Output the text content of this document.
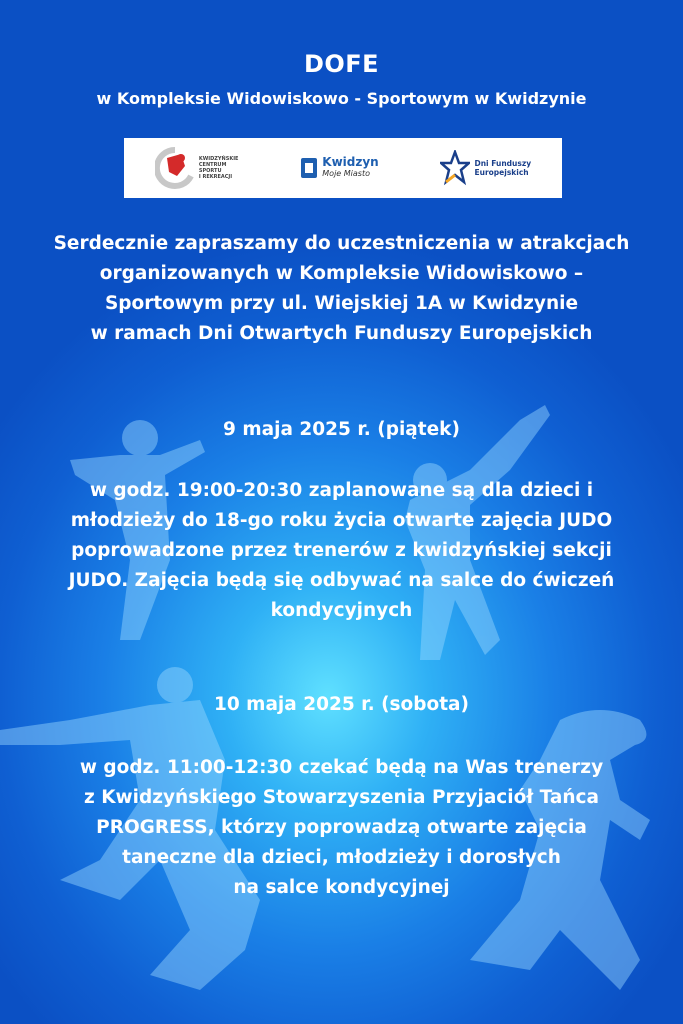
DOFE
w Kompleksie Widowiskowo - Sportowym w Kwidzynie
KWIDZYŃSKIE
CENTRUM
SPORTU
I REKREACJI
Kwidzyn
Moje Miasto
Dni Funduszy
Europejskich
Serdecznie zapraszamy do uczestniczenia w atrakcjach
organizowanych w Kompleksie Widowiskowo –
Sportowym przy ul. Wiejskiej 1A w Kwidzynie
w ramach Dni Otwartych Funduszy Europejskich
9 maja 2025 r. (piątek)
w godz. 19:00-20:30 zaplanowane są dla dzieci i
młodzieży do 18-go roku życia otwarte zajęcia JUDO
poprowadzone przez trenerów z kwidzyńskiej sekcji
JUDO. Zajęcia będą się odbywać na salce do ćwiczeń
kondycyjnych
10 maja 2025 r. (sobota)
w godz. 11:00-12:30 czekać będą na Was trenerzy
z Kwidzyńskiego Stowarzyszenia Przyjaciół Tańca
PROGRESS, którzy poprowadzą otwarte zajęcia
taneczne dla dzieci, młodzieży i dorosłych
na salce kondycyjnej
